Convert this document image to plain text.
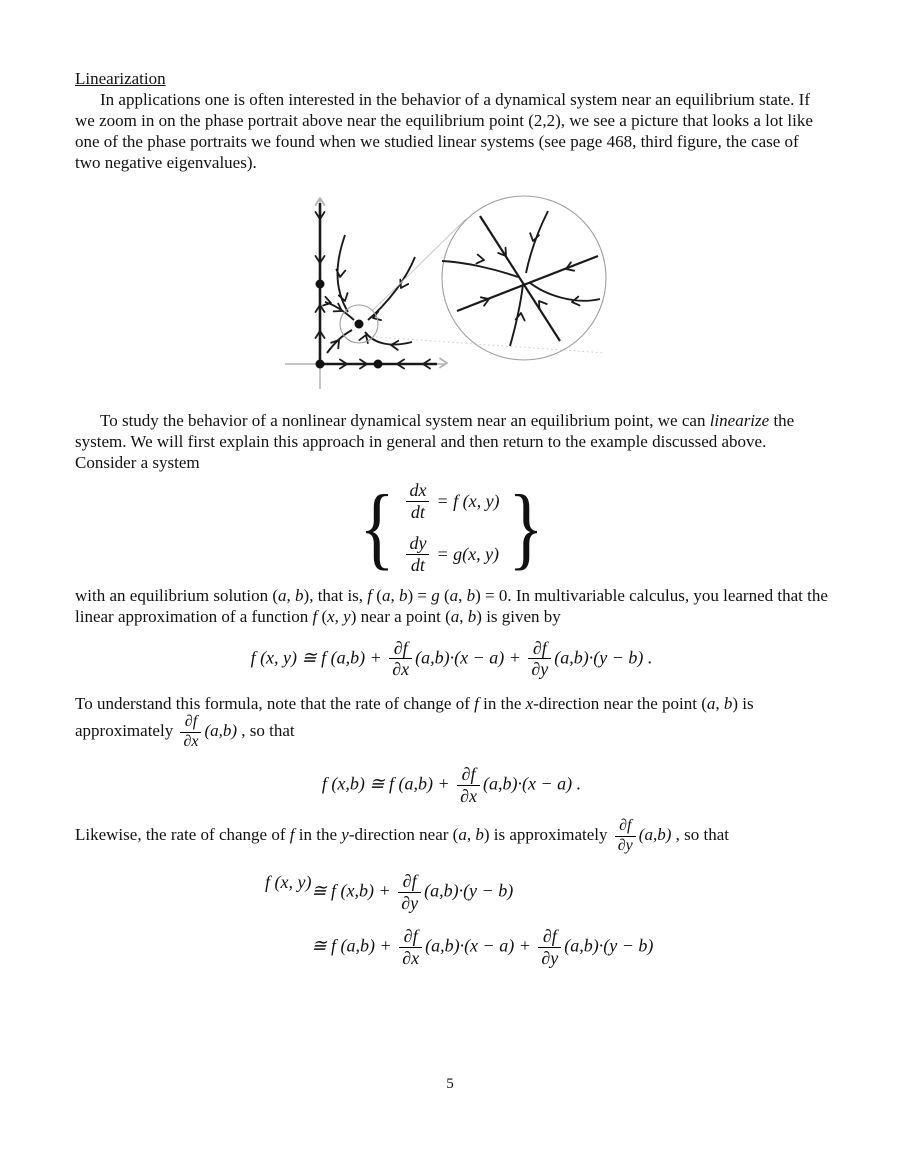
Linearization

In applications one is often interested in the behavior of a dynamical system near an equilibrium state. If we zoom in on the phase portrait above near the equilibrium point (2,2), we see a picture that looks a lot like one of the phase portraits we found when we studied linear systems (see page 468, third figure, the case of two negative eigenvalues).

To study the behavior of a nonlinear dynamical system near an equilibrium point, we can linearize the system. We will first explain this approach in general and then return to the example discussed above. Consider a system

{ $\frac{dx}{dt} = f$ (x, y)
$\frac{dy}{dt} = g(x$, y) }

with an equilibrium solution (a, b), that is, f (a, b) = g (a, b) = 0. In multivariable calculus, you learned that the linear approximation of a function f (x, y) near a point (a, b) is given by

f (x, y) ≅ f $(a,b) + \frac{\partial f}{\partial x} (a,b)\cdot(x - a) + \frac{\partial f}{\partial y} (a,b)\cdot(y - b)$ .

To understand this formula, note that the rate of change of f in the x-direction near the point (a, b) is approximately $\frac{\partial f}{\partial x} (a,b)$ , so that

f (x,b) ≅ f $(a,b) + \frac{\partial f}{\partial x} (a,b)\cdot(x - a)$ .

Likewise, the rate of change of f in the y-direction near (a, b) is approximately $\frac{\partial f}{\partial y} (a,b)$ , so that

f (x, y) ≅ f $(x,b) + \frac{\partial f}{\partial y} (a,b)\cdot(y - b)$
≅ f $(a,b) + \frac{\partial f}{\partial x} (a,b)\cdot(x - a) + \frac{\partial f}{\partial y} (a,b)\cdot(y - b)$
5
